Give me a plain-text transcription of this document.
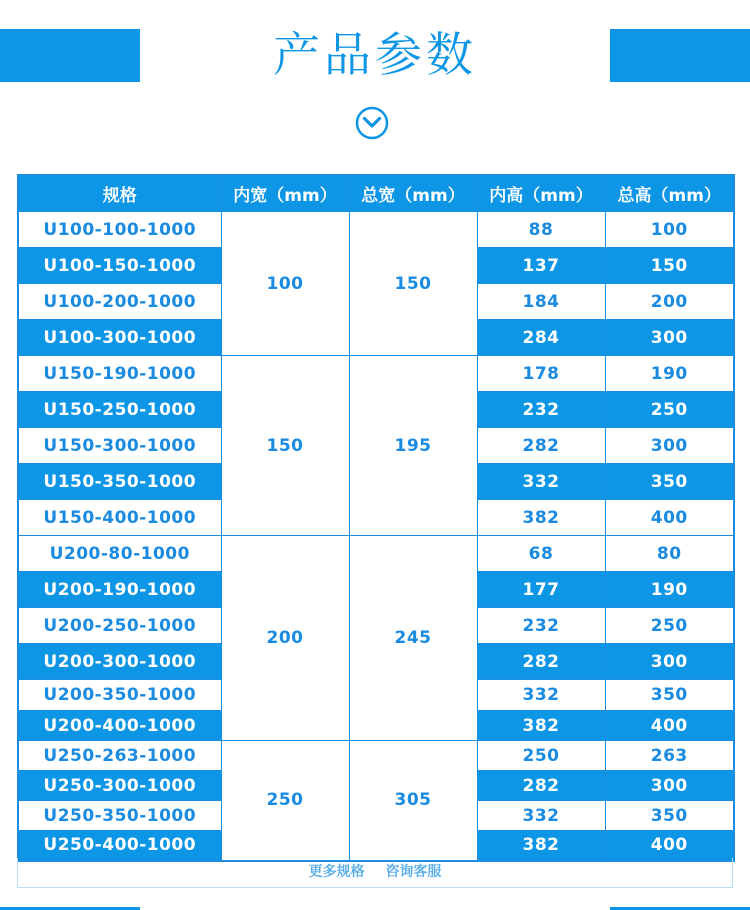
产品参数
规格	内宽（mm）	总宽（mm）	内高（mm）	总高（mm）
U100-100-1000	100	150	88	100
U100-150-1000			137	150
U100-200-1000			184	200
U100-300-1000			284	300
U150-190-1000	150	195	178	190
U150-250-1000			232	250
U150-300-1000			282	300
U150-350-1000			332	350
U150-400-1000			382	400
U200-80-1000	200	245	68	80
U200-190-1000			177	190
U200-250-1000			232	250
U200-300-1000			282	300
U200-350-1000			332	350
U200-400-1000			382	400
U250-263-1000	250	305	250	263
U250-300-1000			282	300
U250-350-1000			332	350
U250-400-1000			382	400
更多规格 咨询客服
